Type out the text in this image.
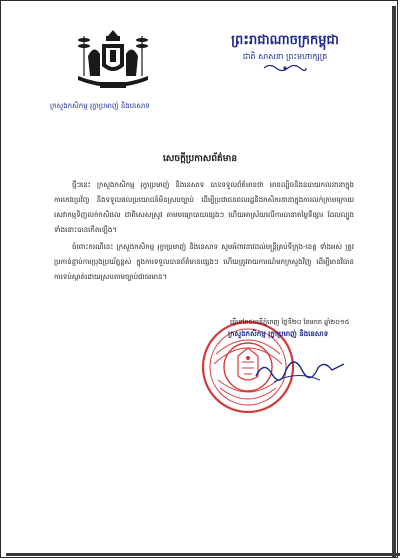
ព្រះរាជាណាចក្រកម្ពុជា
ជាតិ សាសនា ព្រះមហាក្សត្រ
ក្រសួងកសិកម្ម រុក្ខាប្រមាញ់ និងនេសាទ
សេចក្តីប្រកាសព័ត៌មាន
ថ្មីៗនេះ ក្រសួងកសិកម្ម រុក្ខាប្រមាញ់ និងនេសាទ បានទទួលព័ត៌មានថា មានល្បិចនិងឧបាយកលនានាក្នុងការកេងប្រវ័ញ្ច និងទទួលផលប្រយោជន៍មិនស្របច្បាប់ ដើម្បីប្រជាជនពលរដ្ឋនិងកសិករនានាក្នុងការលក់ក្រាមក្រោយសេវាកម្មទិញលក់កសិផល ជាពិសេសស្រូវ តាមមធ្យោបាយផ្សេងៗ ហើយអាស្រ័យលើការធានាតម្លៃទីផ្សារ ដែលល្បួងទាំងនោះបានកើតឡើង។
ចំពោះករណីនេះ ក្រសួងកសិកម្ម រុក្ខាប្រមាញ់ និងនេសាទ សូមអំពាវនាវដល់មន្ត្រីគ្រប់ទីក្រុង-ខេត្ត ទាំងអស់ ត្រូវប្រកាន់ខ្ជាប់ការប្រុងប្រយ័ត្នខ្ពស់ ក្នុងការទទួលបានព័ត៌មានផ្សេងៗ ហើយត្រូវរាយការណ៍មកក្រសួងវិញ ដើម្បីមានវិធានការទប់ស្កាត់ដោយស្របតាមច្បាប់ជាធរមាន។
ធ្វើនៅរាជធានីភ្នំពេញ ថ្ងៃទី២០ ខែមករា ឆ្នាំ២០១៥
ក្រសួងកសិកម្ម រុក្ខាប្រមាញ់ និងនេសាទ
